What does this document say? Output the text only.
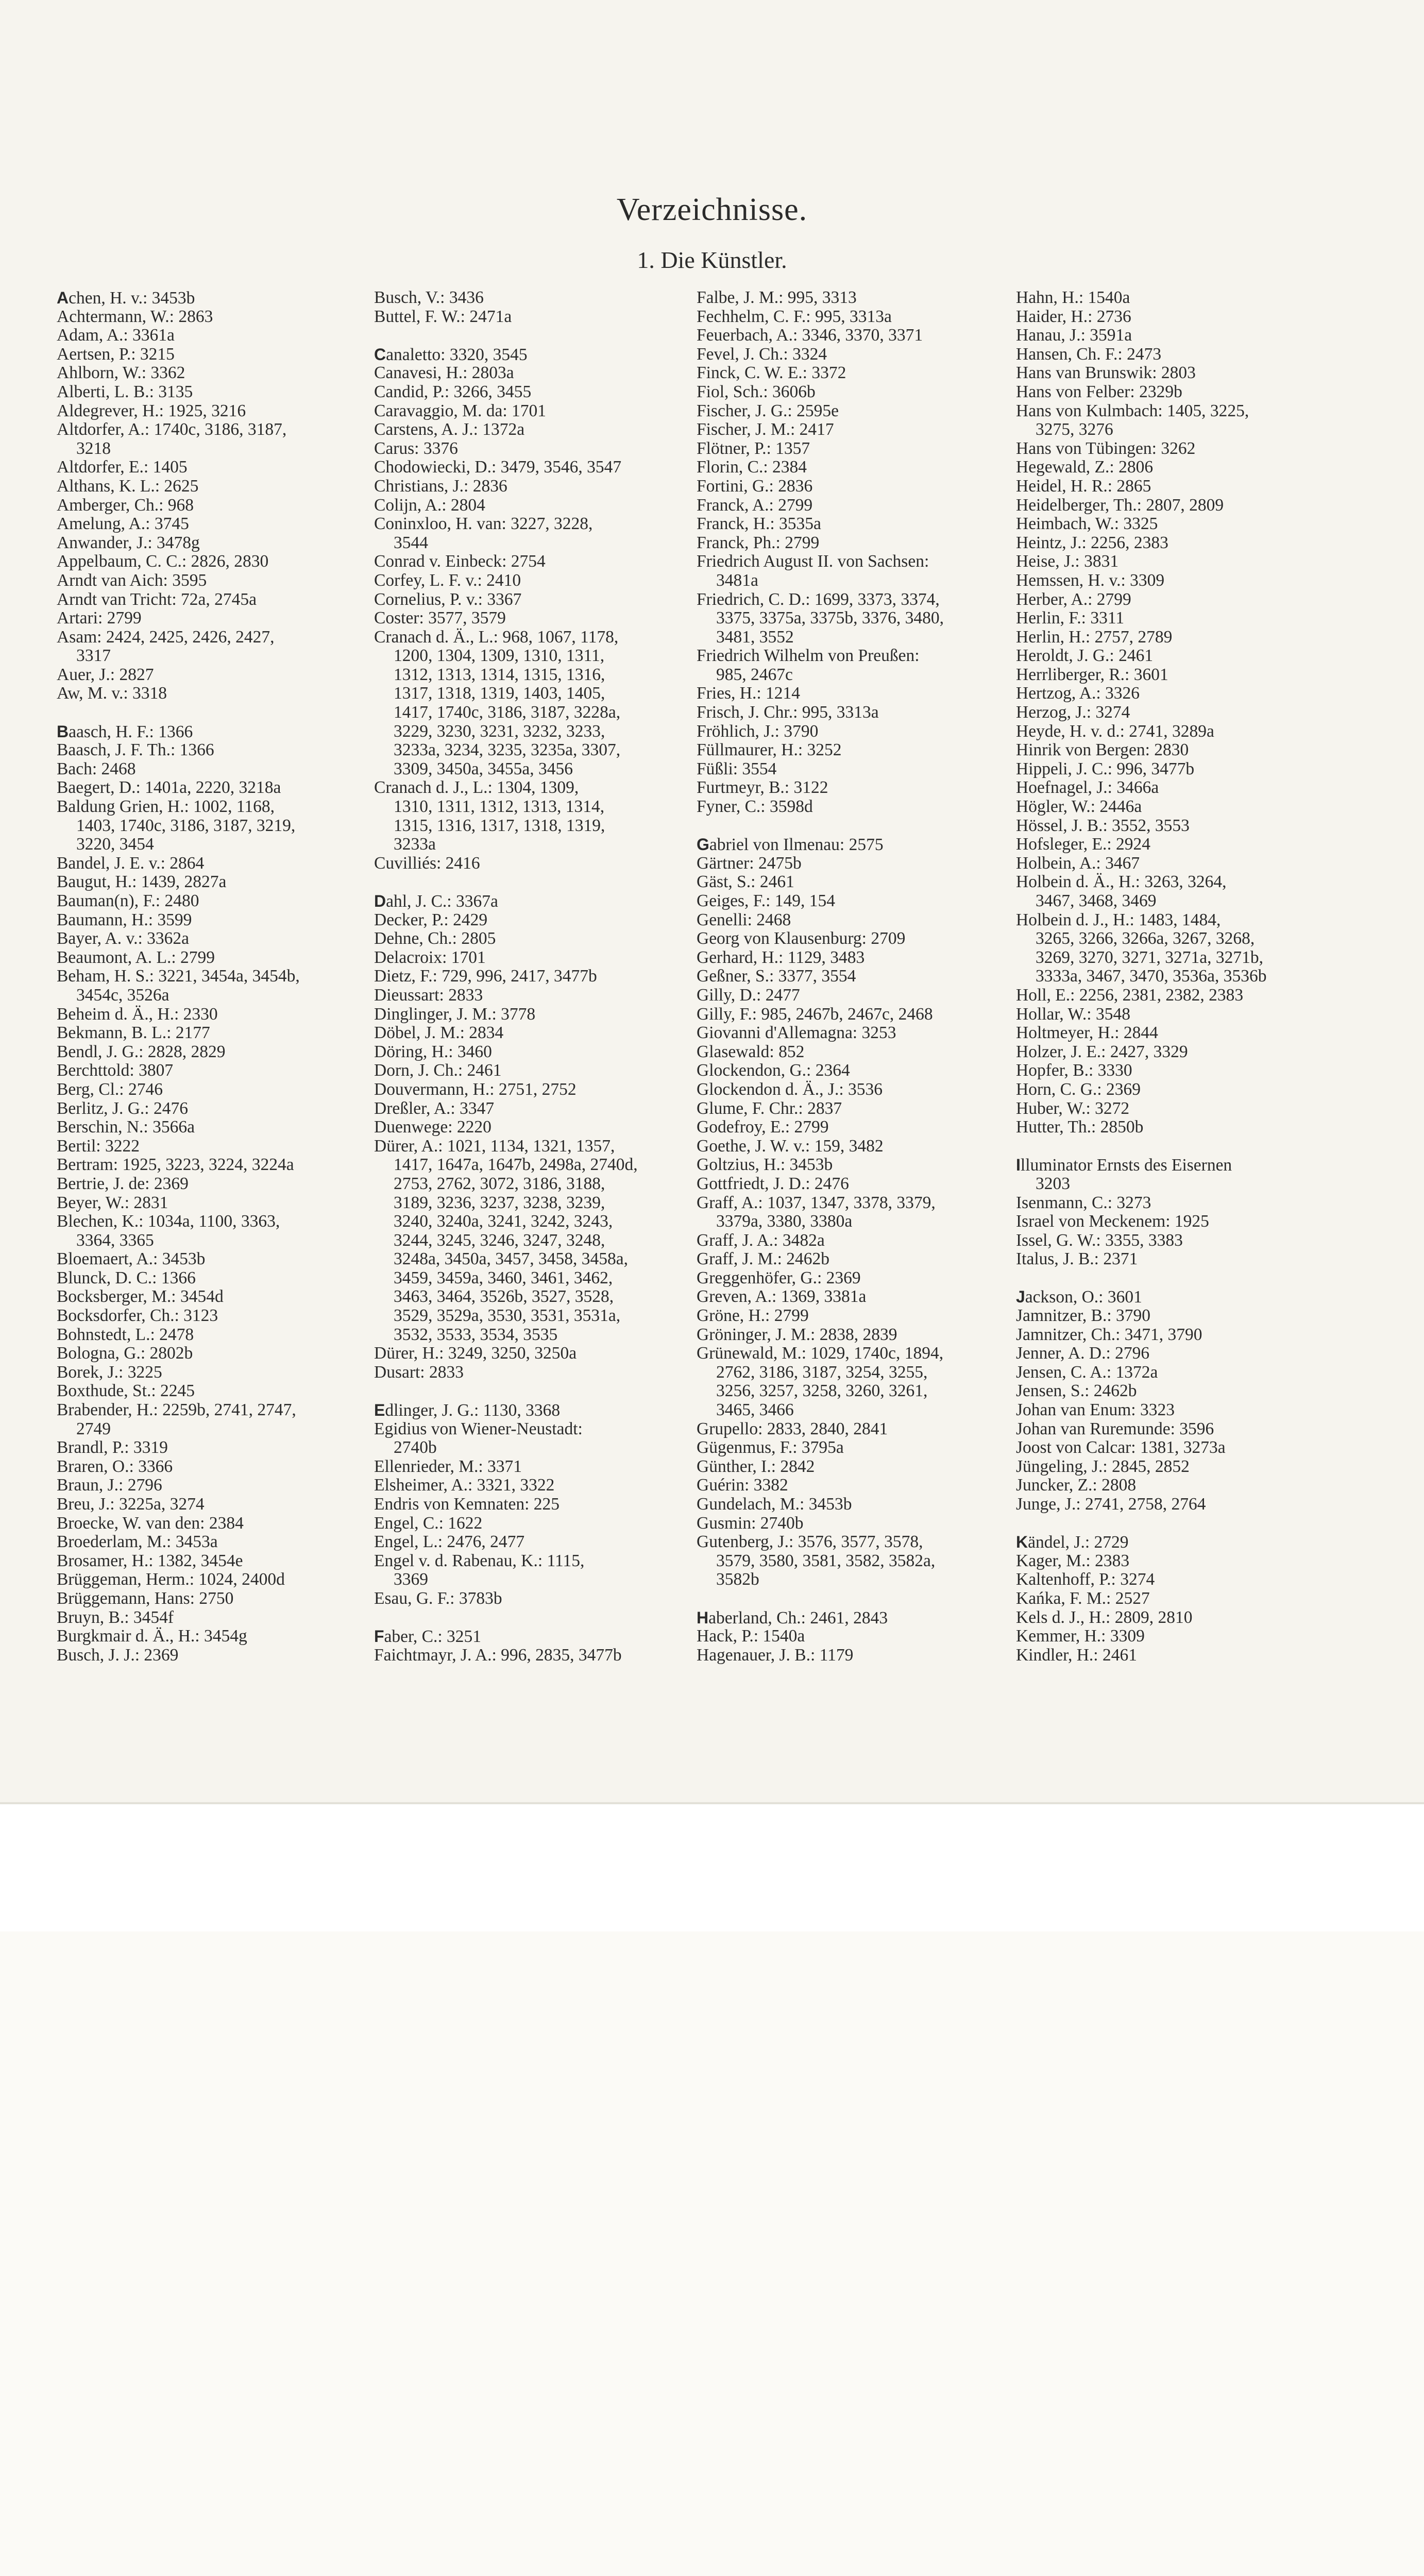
Verzeichnisse.
1. Die Künstler.
Achen, H. v.: 3453b
Achtermann, W.: 2863
Adam, A.: 3361a
Aertsen, P.: 3215
Ahlborn, W.: 3362
Alberti, L. B.: 3135
Aldegrever, H.: 1925, 3216
Altdorfer, A.: 1740c, 3186, 3187,
3218
Altdorfer, E.: 1405
Althans, K. L.: 2625
Amberger, Ch.: 968
Amelung, A.: 3745
Anwander, J.: 3478g
Appelbaum, C. C.: 2826, 2830
Arndt van Aich: 3595
Arndt van Tricht: 72a, 2745a
Artari: 2799
Asam: 2424, 2425, 2426, 2427,
3317
Auer, J.: 2827
Aw, M. v.: 3318
Baasch, H. F.: 1366
Baasch, J. F. Th.: 1366
Bach: 2468
Baegert, D.: 1401a, 2220, 3218a
Baldung Grien, H.: 1002, 1168,
1403, 1740c, 3186, 3187, 3219,
3220, 3454
Bandel, J. E. v.: 2864
Baugut, H.: 1439, 2827a
Bauman(n), F.: 2480
Baumann, H.: 3599
Bayer, A. v.: 3362a
Beaumont, A. L.: 2799
Beham, H. S.: 3221, 3454a, 3454b,
3454c, 3526a
Beheim d. Ä., H.: 2330
Bekmann, B. L.: 2177
Bendl, J. G.: 2828, 2829
Berchttold: 3807
Berg, Cl.: 2746
Berlitz, J. G.: 2476
Berschin, N.: 3566a
Bertil: 3222
Bertram: 1925, 3223, 3224, 3224a
Bertrie, J. de: 2369
Beyer, W.: 2831
Blechen, K.: 1034a, 1100, 3363,
3364, 3365
Bloemaert, A.: 3453b
Blunck, D. C.: 1366
Bocksberger, M.: 3454d
Bocksdorfer, Ch.: 3123
Bohnstedt, L.: 2478
Bologna, G.: 2802b
Borek, J.: 3225
Boxthude, St.: 2245
Brabender, H.: 2259b, 2741, 2747,
2749
Brandl, P.: 3319
Braren, O.: 3366
Braun, J.: 2796
Breu, J.: 3225a, 3274
Broecke, W. van den: 2384
Broederlam, M.: 3453a
Brosamer, H.: 1382, 3454e
Brüggeman, Herm.: 1024, 2400d
Brüggemann, Hans: 2750
Bruyn, B.: 3454f
Burgkmair d. Ä., H.: 3454g
Busch, J. J.: 2369
Busch, V.: 3436
Buttel, F. W.: 2471a
Canaletto: 3320, 3545
Canavesi, H.: 2803a
Candid, P.: 3266, 3455
Caravaggio, M. da: 1701
Carstens, A. J.: 1372a
Carus: 3376
Chodowiecki, D.: 3479, 3546, 3547
Christians, J.: 2836
Colijn, A.: 2804
Coninxloo, H. van: 3227, 3228,
3544
Conrad v. Einbeck: 2754
Corfey, L. F. v.: 2410
Cornelius, P. v.: 3367
Coster: 3577, 3579
Cranach d. Ä., L.: 968, 1067, 1178,
1200, 1304, 1309, 1310, 1311,
1312, 1313, 1314, 1315, 1316,
1317, 1318, 1319, 1403, 1405,
1417, 1740c, 3186, 3187, 3228a,
3229, 3230, 3231, 3232, 3233,
3233a, 3234, 3235, 3235a, 3307,
3309, 3450a, 3455a, 3456
Cranach d. J., L.: 1304, 1309,
1310, 1311, 1312, 1313, 1314,
1315, 1316, 1317, 1318, 1319,
3233a
Cuvilliés: 2416
Dahl, J. C.: 3367a
Decker, P.: 2429
Dehne, Ch.: 2805
Delacroix: 1701
Dietz, F.: 729, 996, 2417, 3477b
Dieussart: 2833
Dinglinger, J. M.: 3778
Döbel, J. M.: 2834
Döring, H.: 3460
Dorn, J. Ch.: 2461
Douvermann, H.: 2751, 2752
Dreßler, A.: 3347
Duenwege: 2220
Dürer, A.: 1021, 1134, 1321, 1357,
1417, 1647a, 1647b, 2498a, 2740d,
2753, 2762, 3072, 3186, 3188,
3189, 3236, 3237, 3238, 3239,
3240, 3240a, 3241, 3242, 3243,
3244, 3245, 3246, 3247, 3248,
3248a, 3450a, 3457, 3458, 3458a,
3459, 3459a, 3460, 3461, 3462,
3463, 3464, 3526b, 3527, 3528,
3529, 3529a, 3530, 3531, 3531a,
3532, 3533, 3534, 3535
Dürer, H.: 3249, 3250, 3250a
Dusart: 2833
Edlinger, J. G.: 1130, 3368
Egidius von Wiener-Neustadt:
2740b
Ellenrieder, M.: 3371
Elsheimer, A.: 3321, 3322
Endris von Kemnaten: 225
Engel, C.: 1622
Engel, L.: 2476, 2477
Engel v. d. Rabenau, K.: 1115,
3369
Esau, G. F.: 3783b
Faber, C.: 3251
Faichtmayr, J. A.: 996, 2835, 3477b
Falbe, J. M.: 995, 3313
Fechhelm, C. F.: 995, 3313a
Feuerbach, A.: 3346, 3370, 3371
Fevel, J. Ch.: 3324
Finck, C. W. E.: 3372
Fiol, Sch.: 3606b
Fischer, J. G.: 2595e
Fischer, J. M.: 2417
Flötner, P.: 1357
Florin, C.: 2384
Fortini, G.: 2836
Franck, A.: 2799
Franck, H.: 3535a
Franck, Ph.: 2799
Friedrich August II. von Sachsen:
3481a
Friedrich, C. D.: 1699, 3373, 3374,
3375, 3375a, 3375b, 3376, 3480,
3481, 3552
Friedrich Wilhelm von Preußen:
985, 2467c
Fries, H.: 1214
Frisch, J. Chr.: 995, 3313a
Fröhlich, J.: 3790
Füllmaurer, H.: 3252
Füßli: 3554
Furtmeyr, B.: 3122
Fyner, C.: 3598d
Gabriel von Ilmenau: 2575
Gärtner: 2475b
Gäst, S.: 2461
Geiges, F.: 149, 154
Genelli: 2468
Georg von Klausenburg: 2709
Gerhard, H.: 1129, 3483
Geßner, S.: 3377, 3554
Gilly, D.: 2477
Gilly, F.: 985, 2467b, 2467c, 2468
Giovanni d'Allemagna: 3253
Glasewald: 852
Glockendon, G.: 2364
Glockendon d. Ä., J.: 3536
Glume, F. Chr.: 2837
Godefroy, E.: 2799
Goethe, J. W. v.: 159, 3482
Goltzius, H.: 3453b
Gottfriedt, J. D.: 2476
Graff, A.: 1037, 1347, 3378, 3379,
3379a, 3380, 3380a
Graff, J. A.: 3482a
Graff, J. M.: 2462b
Greggenhöfer, G.: 2369
Greven, A.: 1369, 3381a
Gröne, H.: 2799
Gröninger, J. M.: 2838, 2839
Grünewald, M.: 1029, 1740c, 1894,
2762, 3186, 3187, 3254, 3255,
3256, 3257, 3258, 3260, 3261,
3465, 3466
Grupello: 2833, 2840, 2841
Gügenmus, F.: 3795a
Günther, I.: 2842
Guérin: 3382
Gundelach, M.: 3453b
Gusmin: 2740b
Gutenberg, J.: 3576, 3577, 3578,
3579, 3580, 3581, 3582, 3582a,
3582b
Haberland, Ch.: 2461, 2843
Hack, P.: 1540a
Hagenauer, J. B.: 1179
Hahn, H.: 1540a
Haider, H.: 2736
Hanau, J.: 3591a
Hansen, Ch. F.: 2473
Hans van Brunswik: 2803
Hans von Felber: 2329b
Hans von Kulmbach: 1405, 3225,
3275, 3276
Hans von Tübingen: 3262
Hegewald, Z.: 2806
Heidel, H. R.: 2865
Heidelberger, Th.: 2807, 2809
Heimbach, W.: 3325
Heintz, J.: 2256, 2383
Heise, J.: 3831
Hemssen, H. v.: 3309
Herber, A.: 2799
Herlin, F.: 3311
Herlin, H.: 2757, 2789
Heroldt, J. G.: 2461
Herrliberger, R.: 3601
Hertzog, A.: 3326
Herzog, J.: 3274
Heyde, H. v. d.: 2741, 3289a
Hinrik von Bergen: 2830
Hippeli, J. C.: 996, 3477b
Hoefnagel, J.: 3466a
Högler, W.: 2446a
Hössel, J. B.: 3552, 3553
Hofsleger, E.: 2924
Holbein, A.: 3467
Holbein d. Ä., H.: 3263, 3264,
3467, 3468, 3469
Holbein d. J., H.: 1483, 1484,
3265, 3266, 3266a, 3267, 3268,
3269, 3270, 3271, 3271a, 3271b,
3333a, 3467, 3470, 3536a, 3536b
Holl, E.: 2256, 2381, 2382, 2383
Hollar, W.: 3548
Holtmeyer, H.: 2844
Holzer, J. E.: 2427, 3329
Hopfer, B.: 3330
Horn, C. G.: 2369
Huber, W.: 3272
Hutter, Th.: 2850b
Illuminator Ernsts des Eisernen
3203
Isenmann, C.: 3273
Israel von Meckenem: 1925
Issel, G. W.: 3355, 3383
Italus, J. B.: 2371
Jackson, O.: 3601
Jamnitzer, B.: 3790
Jamnitzer, Ch.: 3471, 3790
Jenner, A. D.: 2796
Jensen, C. A.: 1372a
Jensen, S.: 2462b
Johan van Enum: 3323
Johan van Ruremunde: 3596
Joost von Calcar: 1381, 3273a
Jüngeling, J.: 2845, 2852
Juncker, Z.: 2808
Junge, J.: 2741, 2758, 2764
Kändel, J.: 2729
Kager, M.: 2383
Kaltenhoff, P.: 3274
Kańka, F. M.: 2527
Kels d. J., H.: 2809, 2810
Kemmer, H.: 3309
Kindler, H.: 2461
